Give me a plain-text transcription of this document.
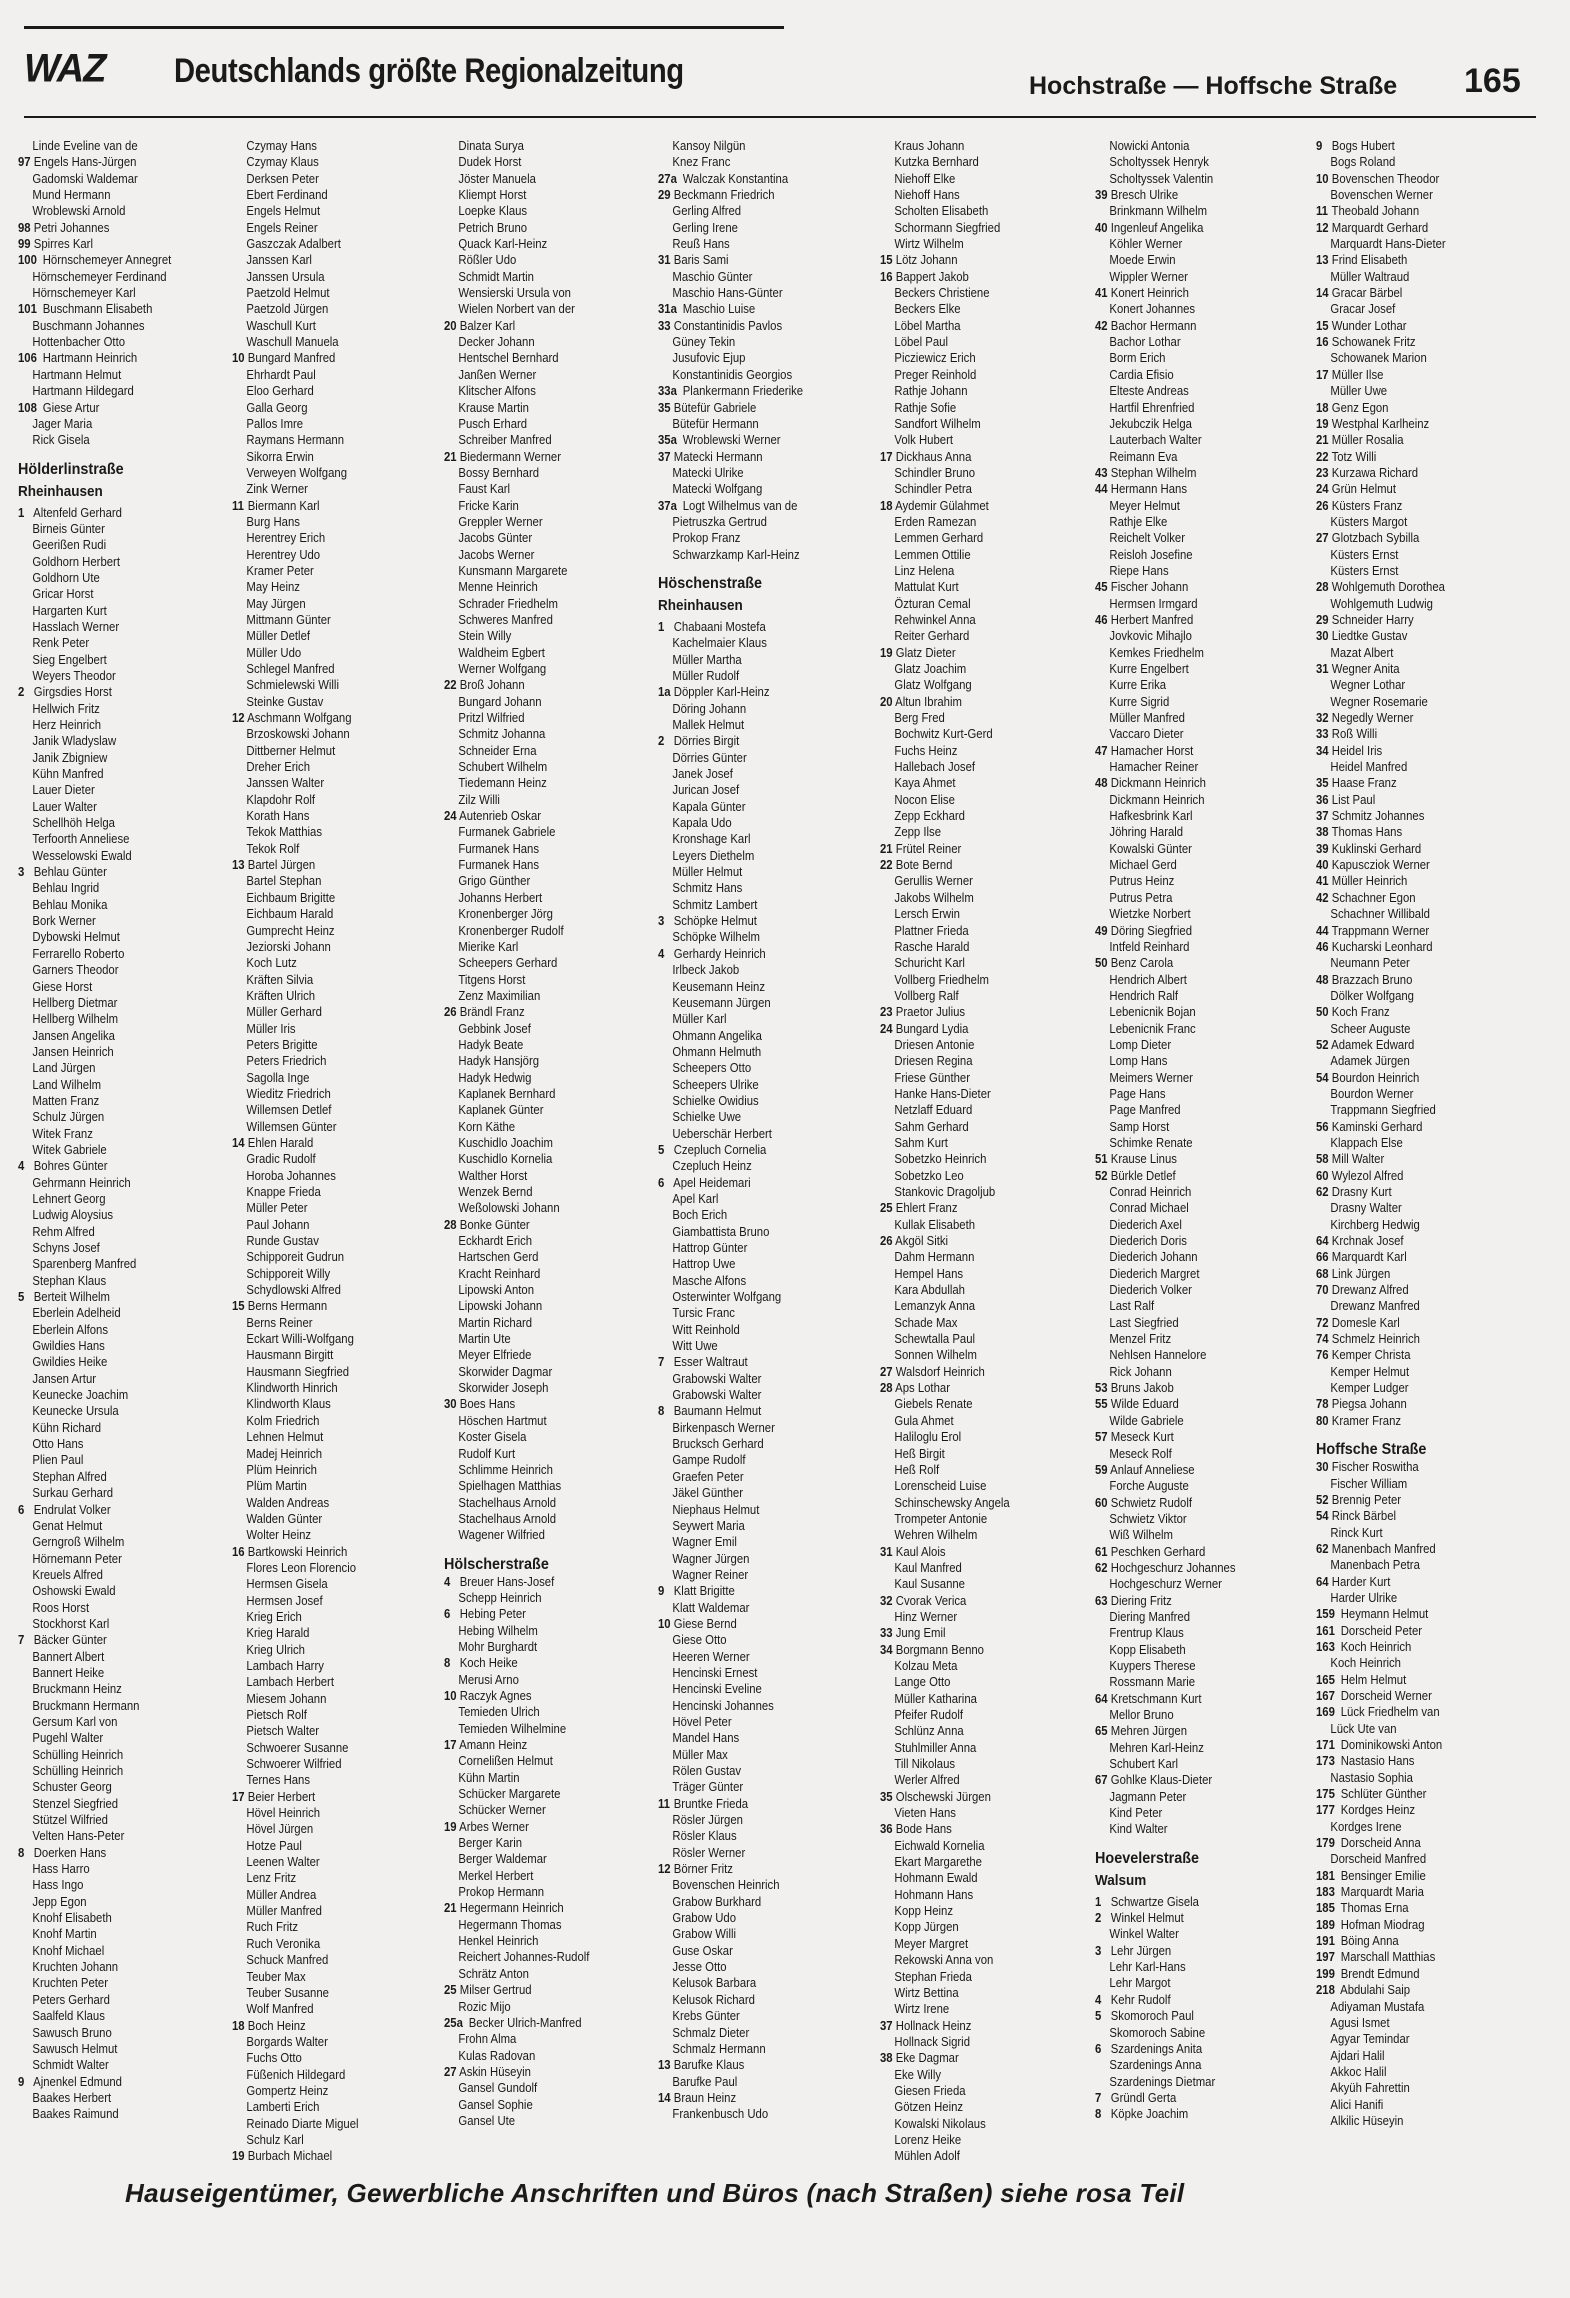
WAZ Deutschlands größte Regionalzeitung	Hochstraße — Hoffsche Straße 165
Linde Eveline van de
97 Engels Hans-Jürgen
Gadomski Waldemar
Mund Hermann
Wroblewski Arnold
98 Petri Johannes
99 Spirres Karl
100 Hörnschemeyer Annegret
Hörnschemeyer Ferdinand
Hörnschemeyer Karl
101 Buschmann Elisabeth
Buschmann Johannes
Hottenbacher Otto
106 Hartmann Heinrich
Hartmann Helmut
Hartmann Hildegard
108 Giese Artur
Jager Maria
Rick Gisela
Hölderlinstraße
Rheinhausen
1 Altenfeld Gerhard
Birneis Günter
Geerißen Rudi
Goldhorn Herbert
Goldhorn Ute
Gricar Horst
Hargarten Kurt
Hasslach Werner
Renk Peter
Sieg Engelbert
Weyers Theodor
2 Girgsdies Horst
Hellwich Fritz
Herz Heinrich
Janik Wladyslaw
Janik Zbigniew
Kühn Manfred
Lauer Dieter
Lauer Walter
Schellhöh Helga
Terfoorth Anneliese
Wesselowski Ewald
3 Behlau Günter
Behlau Ingrid
Behlau Monika
Bork Werner
Dybowski Helmut
Ferrarello Roberto
Garners Theodor
Giese Horst
Hellberg Dietmar
Hellberg Wilhelm
Jansen Angelika
Jansen Heinrich
Land Jürgen
Land Wilhelm
Matten Franz
Schulz Jürgen
Witek Franz
Witek Gabriele
4 Bohres Günter
Gehrmann Heinrich
Lehnert Georg
Ludwig Aloysius
Rehm Alfred
Schyns Josef
Sparenberg Manfred
Stephan Klaus
5 Berteit Wilhelm
Eberlein Adelheid
Eberlein Alfons
Gwildies Hans
Gwildies Heike
Jansen Artur
Keunecke Joachim
Keunecke Ursula
Kühn Richard
Otto Hans
Plien Paul
Stephan Alfred
Surkau Gerhard
6 Endrulat Volker
Genat Helmut
Gerngroß Wilhelm
Hörnemann Peter
Kreuels Alfred
Oshowski Ewald
Roos Horst
Stockhorst Karl
7 Bäcker Günter
Bannert Albert
Bannert Heike
Bruckmann Heinz
Bruckmann Hermann
Gersum Karl von
Pugehl Walter
Schülling Heinrich
Schülling Heinrich
Schuster Georg
Stenzel Siegfried
Stützel Wilfried
Velten Hans-Peter
8 Doerken Hans
Hass Harro
Hass Ingo
Jepp Egon
Knohf Elisabeth
Knohf Martin
Knohf Michael
Kruchten Johann
Kruchten Peter
Peters Gerhard
Saalfeld Klaus
Sawusch Bruno
Sawusch Helmut
Schmidt Walter
9 Ajnenkel Edmund
Baakes Herbert
Baakes Raimund
Czymay Hans
Czymay Klaus
Derksen Peter
Ebert Ferdinand
Engels Helmut
Engels Reiner
Gaszczak Adalbert
Janssen Karl
Janssen Ursula
Paetzold Helmut
Paetzold Jürgen
Waschull Kurt
Waschull Manuela
10 Bungard Manfred
Ehrhardt Paul
Eloo Gerhard
Galla Georg
Pallos Imre
Raymans Hermann
Sikorra Erwin
Verweyen Wolfgang
Zink Werner
11 Biermann Karl
Burg Hans
Herentrey Erich
Herentrey Udo
Kramer Peter
May Heinz
May Jürgen
Mittmann Günter
Müller Detlef
Müller Udo
Schlegel Manfred
Schmielewski Willi
Steinke Gustav
12 Aschmann Wolfgang
Brzoskowski Johann
Dittberner Helmut
Dreher Erich
Janssen Walter
Klapdohr Rolf
Korath Hans
Tekok Matthias
Tekok Rolf
13 Bartel Jürgen
Bartel Stephan
Eichbaum Brigitte
Eichbaum Harald
Gumprecht Heinz
Jeziorski Johann
Koch Lutz
Kräften Silvia
Kräften Ulrich
Müller Gerhard
Müller Iris
Peters Brigitte
Peters Friedrich
Sagolla Inge
Wieditz Friedrich
Willemsen Detlef
Willemsen Günter
14 Ehlen Harald
Gradic Rudolf
Horoba Johannes
Knappe Frieda
Müller Peter
Paul Johann
Runde Gustav
Schipporeit Gudrun
Schipporeit Willy
Schydlowski Alfred
15 Berns Hermann
Berns Reiner
Eckart Willi-Wolfgang
Hausmann Birgitt
Hausmann Siegfried
Klindworth Hinrich
Klindworth Klaus
Kolm Friedrich
Lehnen Helmut
Madej Heinrich
Plüm Heinrich
Plüm Martin
Walden Andreas
Walden Günter
Wolter Heinz
16 Bartkowski Heinrich
Flores Leon Florencio
Hermsen Gisela
Hermsen Josef
Krieg Erich
Krieg Harald
Krieg Ulrich
Lambach Harry
Lambach Herbert
Miesem Johann
Pietsch Rolf
Pietsch Walter
Schwoerer Susanne
Schwoerer Wilfried
Ternes Hans
17 Beier Herbert
Hövel Heinrich
Hövel Jürgen
Hotze Paul
Leenen Walter
Lenz Fritz
Müller Andrea
Müller Manfred
Ruch Fritz
Ruch Veronika
Schuck Manfred
Teuber Max
Teuber Susanne
Wolf Manfred
18 Boch Heinz
Borgards Walter
Fuchs Otto
Füßenich Hildegard
Gompertz Heinz
Lamberti Erich
Reinado Diarte Miguel
Schulz Karl
19 Burbach Michael
Dinata Surya
Dudek Horst
Jöster Manuela
Kliempt Horst
Loepke Klaus
Petrich Bruno
Quack Karl-Heinz
Rößler Udo
Schmidt Martin
Wensierski Ursula von
Wielen Norbert van der
20 Balzer Karl
Decker Johann
Hentschel Bernhard
Janßen Werner
Klitscher Alfons
Krause Martin
Pusch Erhard
Schreiber Manfred
21 Biedermann Werner
Bossy Bernhard
Faust Karl
Fricke Karin
Greppler Werner
Jacobs Günter
Jacobs Werner
Kunsmann Margarete
Menne Heinrich
Schrader Friedhelm
Schweres Manfred
Stein Willy
Waldheim Egbert
Werner Wolfgang
22 Broß Johann
Bungard Johann
Pritzl Wilfried
Schmitz Johanna
Schneider Erna
Schubert Wilhelm
Tiedemann Heinz
Zilz Willi
24 Autenrieb Oskar
Furmanek Gabriele
Furmanek Hans
Furmanek Hans
Grigo Günther
Johanns Herbert
Kronenberger Jörg
Kronenberger Rudolf
Mierike Karl
Scheepers Gerhard
Titgens Horst
Zenz Maximilian
26 Brändl Franz
Gebbink Josef
Hadyk Beate
Hadyk Hansjörg
Hadyk Hedwig
Kaplanek Bernhard
Kaplanek Günter
Korn Käthe
Kuschidlo Joachim
Kuschidlo Kornelia
Walther Horst
Wenzek Bernd
Weßolowski Johann
28 Bonke Günter
Eckhardt Erich
Hartschen Gerd
Kracht Reinhard
Lipowski Anton
Lipowski Johann
Martin Richard
Martin Ute
Meyer Elfriede
Skorwider Dagmar
Skorwider Joseph
30 Boes Hans
Höschen Hartmut
Koster Gisela
Rudolf Kurt
Schlimme Heinrich
Spielhagen Matthias
Stachelhaus Arnold
Stachelhaus Arnold
Wagener Wilfried
Hölscherstraße
4 Breuer Hans-Josef
Schepp Heinrich
6 Hebing Peter
Hebing Wilhelm
Mohr Burghardt
8 Koch Heike
Merusi Arno
10 Raczyk Agnes
Temieden Ulrich
Temieden Wilhelmine
17 Amann Heinz
Cornelißen Helmut
Kühn Martin
Schücker Margarete
Schücker Werner
19 Arbes Werner
Berger Karin
Berger Waldemar
Merkel Herbert
Prokop Hermann
21 Hegermann Heinrich
Hegermann Thomas
Henkel Heinrich
Reichert Johannes-Rudolf
Schrätz Anton
25 Milser Gertrud
Rozic Mijo
25a Becker Ulrich-Manfred
Frohn Alma
Kulas Radovan
27 Askin Hüseyin
Gansel Gundolf
Gansel Sophie
Gansel Ute
Kansoy Nilgün
Knez Franc
27a Walczak Konstantina
29 Beckmann Friedrich
Gerling Alfred
Gerling Irene
Reuß Hans
31 Baris Sami
Maschio Günter
Maschio Hans-Günter
31a Maschio Luise
33 Constantinidis Pavlos
Güney Tekin
Jusufovic Ejup
Konstantinidis Georgios
33a Plankermann Friederike
35 Bütefür Gabriele
Bütefür Hermann
35a Wroblewski Werner
37 Matecki Hermann
Matecki Ulrike
Matecki Wolfgang
37a Logt Wilhelmus van de
Pietruszka Gertrud
Prokop Franz
Schwarzkamp Karl-Heinz
Höschenstraße
Rheinhausen
1 Chabaani Mostefa
Kachelmaier Klaus
Müller Martha
Müller Rudolf
1a Döppler Karl-Heinz
Döring Johann
Mallek Helmut
2 Dörries Birgit
Dörries Günter
Janek Josef
Jurican Josef
Kapala Günter
Kapala Udo
Kronshage Karl
Leyers Diethelm
Müller Helmut
Schmitz Hans
Schmitz Lambert
3 Schöpke Helmut
Schöpke Wilhelm
4 Gerhardy Heinrich
Irlbeck Jakob
Keusemann Heinz
Keusemann Jürgen
Müller Karl
Ohmann Angelika
Ohmann Helmuth
Scheepers Otto
Scheepers Ulrike
Schielke Owidius
Schielke Uwe
Ueberschär Herbert
5 Czepluch Cornelia
Czepluch Heinz
6 Apel Heidemari
Apel Karl
Boch Erich
Giambattista Bruno
Hattrop Günter
Hattrop Uwe
Masche Alfons
Osterwinter Wolfgang
Tursic Franc
Witt Reinhold
Witt Uwe
7 Esser Waltraut
Grabowski Walter
Grabowski Walter
8 Baumann Helmut
Birkenpasch Werner
Brucksch Gerhard
Gampe Rudolf
Graefen Peter
Jäkel Günther
Niephaus Helmut
Seywert Maria
Wagner Emil
Wagner Jürgen
Wagner Reiner
9 Klatt Brigitte
Klatt Waldemar
10 Giese Bernd
Giese Otto
Heeren Werner
Hencinski Ernest
Hencinski Eveline
Hencinski Johannes
Hövel Peter
Mandel Hans
Müller Max
Rölen Gustav
Träger Günter
11 Bruntke Frieda
Rösler Jürgen
Rösler Klaus
Rösler Werner
12 Börner Fritz
Bovenschen Heinrich
Grabow Burkhard
Grabow Udo
Grabow Willi
Guse Oskar
Jesse Otto
Kelusok Barbara
Kelusok Richard
Krebs Günter
Schmalz Dieter
Schmalz Hermann
13 Barufke Klaus
Barufke Paul
14 Braun Heinz
Frankenbusch Udo
Kraus Johann
Kutzka Bernhard
Niehoff Elke
Niehoff Hans
Scholten Elisabeth
Schormann Siegfried
Wirtz Wilhelm
15 Lötz Johann
16 Bappert Jakob
Beckers Christiene
Beckers Elke
Löbel Martha
Löbel Paul
Picziewicz Erich
Preger Reinhold
Rathje Johann
Rathje Sofie
Sandfort Wilhelm
Volk Hubert
17 Dickhaus Anna
Schindler Bruno
Schindler Petra
18 Aydemir Gülahmet
Erden Ramezan
Lemmen Gerhard
Lemmen Ottilie
Linz Helena
Mattulat Kurt
Özturan Cemal
Rehwinkel Anna
Reiter Gerhard
19 Glatz Dieter
Glatz Joachim
Glatz Wolfgang
20 Altun Ibrahim
Berg Fred
Bochwitz Kurt-Gerd
Fuchs Heinz
Hallebach Josef
Kaya Ahmet
Nocon Elise
Zepp Eckhard
Zepp Ilse
21 Frütel Reiner
22 Bote Bernd
Gerullis Werner
Jakobs Wilhelm
Lersch Erwin
Plattner Frieda
Rasche Harald
Schuricht Karl
Vollberg Friedhelm
Vollberg Ralf
23 Praetor Julius
24 Bungard Lydia
Driesen Antonie
Driesen Regina
Friese Günther
Hanke Hans-Dieter
Netzlaff Eduard
Sahm Gerhard
Sahm Kurt
Sobetzko Heinrich
Sobetzko Leo
Stankovic Dragoljub
25 Ehlert Franz
Kullak Elisabeth
26 Akgöl Sitki
Dahm Hermann
Hempel Hans
Kara Abdullah
Lemanzyk Anna
Schade Max
Schewtalla Paul
Sonnen Wilhelm
27 Walsdorf Heinrich
28 Aps Lothar
Giebels Renate
Gula Ahmet
Haliloglu Erol
Heß Birgit
Heß Rolf
Lorenscheid Luise
Schinschewsky Angela
Trompeter Antonie
Wehren Wilhelm
31 Kaul Alois
Kaul Manfred
Kaul Susanne
32 Cvorak Verica
Hinz Werner
33 Jung Emil
34 Borgmann Benno
Kolzau Meta
Lange Otto
Müller Katharina
Pfeifer Rudolf
Schlünz Anna
Stuhlmiller Anna
Till Nikolaus
Werler Alfred
35 Olschewski Jürgen
Vieten Hans
36 Bode Hans
Eichwald Kornelia
Ekart Margarethe
Hohmann Ewald
Hohmann Hans
Kopp Heinz
Kopp Jürgen
Meyer Margret
Rekowski Anna von
Stephan Frieda
Wirtz Bettina
Wirtz Irene
37 Hollnack Heinz
Hollnack Sigrid
38 Eke Dagmar
Eke Willy
Giesen Frieda
Götzen Heinz
Kowalski Nikolaus
Lorenz Heike
Mühlen Adolf
Nowicki Antonia
Scholtyssek Henryk
Scholtyssek Valentin
39 Bresch Ulrike
Brinkmann Wilhelm
40 Ingenleuf Angelika
Köhler Werner
Moede Erwin
Wippler Werner
41 Konert Heinrich
Konert Johannes
42 Bachor Hermann
Bachor Lothar
Borm Erich
Cardia Efisio
Elteste Andreas
Hartfil Ehrenfried
Jekubczik Helga
Lauterbach Walter
Reimann Eva
43 Stephan Wilhelm
44 Hermann Hans
Meyer Helmut
Rathje Elke
Reichelt Volker
Reisloh Josefine
Riepe Hans
45 Fischer Johann
Hermsen Irmgard
46 Herbert Manfred
Jovkovic Mihajlo
Kemkes Friedhelm
Kurre Engelbert
Kurre Erika
Kurre Sigrid
Müller Manfred
Vaccaro Dieter
47 Hamacher Horst
Hamacher Reiner
48 Dickmann Heinrich
Dickmann Heinrich
Hafkesbrink Karl
Jöhring Harald
Kowalski Günter
Michael Gerd
Putrus Heinz
Putrus Petra
Wietzke Norbert
49 Döring Siegfried
Intfeld Reinhard
50 Benz Carola
Hendrich Albert
Hendrich Ralf
Lebenicnik Bojan
Lebenicnik Franc
Lomp Dieter
Lomp Hans
Meimers Werner
Page Hans
Page Manfred
Samp Horst
Schimke Renate
51 Krause Linus
52 Bürkle Detlef
Conrad Heinrich
Conrad Michael
Diederich Axel
Diederich Doris
Diederich Johann
Diederich Margret
Diederich Volker
Last Ralf
Last Siegfried
Menzel Fritz
Nehlsen Hannelore
Rick Johann
53 Bruns Jakob
55 Wilde Eduard
Wilde Gabriele
57 Meseck Kurt
Meseck Rolf
59 Anlauf Anneliese
Forche Auguste
60 Schwietz Rudolf
Schwietz Viktor
Wiß Wilhelm
61 Peschken Gerhard
62 Hochgeschurz Johannes
Hochgeschurz Werner
63 Diering Fritz
Diering Manfred
Frentrup Klaus
Kopp Elisabeth
Kuypers Therese
Rossmann Marie
64 Kretschmann Kurt
Mellor Bruno
65 Mehren Jürgen
Mehren Karl-Heinz
Schubert Karl
67 Gohlke Klaus-Dieter
Jagmann Peter
Kind Peter
Kind Walter
Hoevelerstraße
Walsum
1 Schwartze Gisela
2 Winkel Helmut
Winkel Walter
3 Lehr Jürgen
Lehr Karl-Hans
Lehr Margot
4 Kehr Rudolf
5 Skomoroch Paul
Skomoroch Sabine
6 Szardenings Anita
Szardenings Anna
Szardenings Dietmar
7 Gründl Gerta
8 Köpke Joachim
9 Bogs Hubert
Bogs Roland
10 Bovenschen Theodor
Bovenschen Werner
11 Theobald Johann
12 Marquardt Gerhard
Marquardt Hans-Dieter
13 Frind Elisabeth
Müller Waltraud
14 Gracar Bärbel
Gracar Josef
15 Wunder Lothar
16 Schowanek Fritz
Schowanek Marion
17 Müller Ilse
Müller Uwe
18 Genz Egon
19 Westphal Karlheinz
21 Müller Rosalia
22 Totz Willi
23 Kurzawa Richard
24 Grün Helmut
26 Küsters Franz
Küsters Margot
27 Glotzbach Sybilla
Küsters Ernst
Küsters Ernst
28 Wohlgemuth Dorothea
Wohlgemuth Ludwig
29 Schneider Harry
30 Liedtke Gustav
Mazat Albert
31 Wegner Anita
Wegner Lothar
Wegner Rosemarie
32 Negedly Werner
33 Roß Willi
34 Heidel Iris
Heidel Manfred
35 Haase Franz
36 List Paul
37 Schmitz Johannes
38 Thomas Hans
39 Kuklinski Gerhard
40 Kapuscziok Werner
41 Müller Heinrich
42 Schachner Egon
Schachner Willibald
44 Trappmann Werner
46 Kucharski Leonhard
Neumann Peter
48 Brazzach Bruno
Dölker Wolfgang
50 Koch Franz
Scheer Auguste
52 Adamek Edward
Adamek Jürgen
54 Bourdon Heinrich
Bourdon Werner
Trappmann Siegfried
56 Kaminski Gerhard
Klappach Else
58 Mill Walter
60 Wylezol Alfred
62 Drasny Kurt
Drasny Walter
Kirchberg Hedwig
64 Krchnak Josef
66 Marquardt Karl
68 Link Jürgen
70 Drewanz Alfred
Drewanz Manfred
72 Domesle Karl
74 Schmelz Heinrich
76 Kemper Christa
Kemper Helmut
Kemper Ludger
78 Piegsa Johann
80 Kramer Franz
Hoffsche Straße
30 Fischer Roswitha
Fischer William
52 Brennig Peter
54 Rinck Bärbel
Rinck Kurt
62 Manenbach Manfred
Manenbach Petra
64 Harder Kurt
Harder Ulrike
159 Heymann Helmut
161 Dorscheid Peter
163 Koch Heinrich
Koch Heinrich
165 Helm Helmut
167 Dorscheid Werner
169 Lück Friedhelm van
Lück Ute van
171 Dominikowski Anton
173 Nastasio Hans
Nastasio Sophia
175 Schlüter Günther
177 Kordges Heinz
Kordges Irene
179 Dorscheid Anna
Dorscheid Manfred
181 Bensinger Emilie
183 Marquardt Maria
185 Thomas Erna
189 Hofman Miodrag
191 Böing Anna
197 Marschall Matthias
199 Brendt Edmund
218 Abdulahi Saip
Adiyaman Mustafa
Agusi Ismet
Agyar Temindar
Ajdari Halil
Akkoc Halil
Akyüh Fahrettin
Alici Hanifi
Alkilic Hüseyin
Hauseigentümer, Gewerbliche Anschriften und Büros (nach Straßen) siehe rosa Teil
